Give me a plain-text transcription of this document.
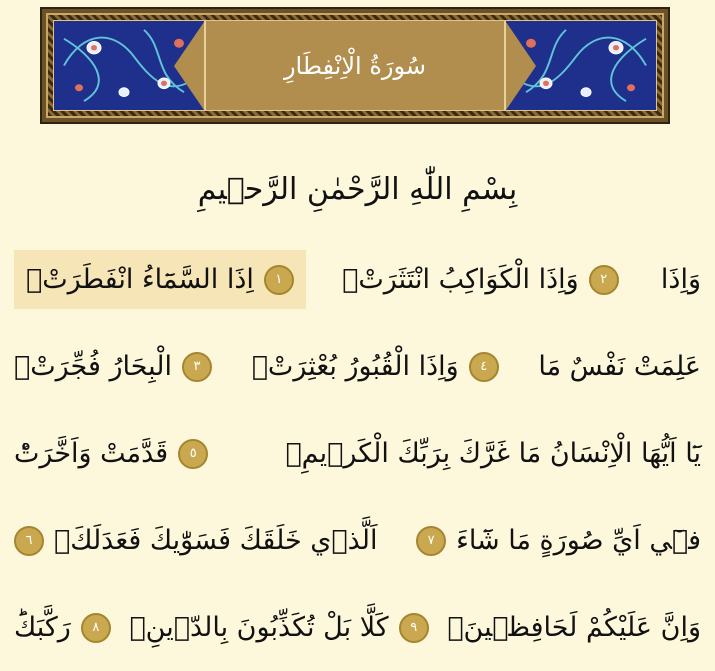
سُورَةُ الْاِنْفِطَارِ
بِسْمِ اللّٰهِ الرَّحْمٰنِ الرَّح۪يمِ
اِذَا السَّمَٓاءُ انْفَطَرَتْۙ	١	وَاِذَا الْكَوَاكِبُ انْتَثَرَتْۙ	٢	وَاِذَا
الْبِحَارُ فُجِّرَتْۙ	٣	وَاِذَا الْقُبُورُ بُعْثِرَتْۙ	٤	عَلِمَتْ نَفْسٌ مَا
قَدَّمَتْ وَاَخَّرَتْؕ	٥	يَٓا اَيُّهَا الْاِنْسَانُ مَا غَرَّكَ بِرَبِّكَ الْكَر۪يمِۙ
٦ اَلَّذ۪ي خَلَقَكَ فَسَوّٰيكَ فَعَدَلَكَۙ	٧ ف۪ٓي اَيِّ صُورَةٍ مَا شَٓاءَ
رَكَّبَكَؕ	٨	كَلَّا بَلْ تُكَذِّبُونَ بِالدّ۪ينِۙ	٩	وَاِنَّ عَلَيْكُمْ لَحَافِظ۪ينَۙ
